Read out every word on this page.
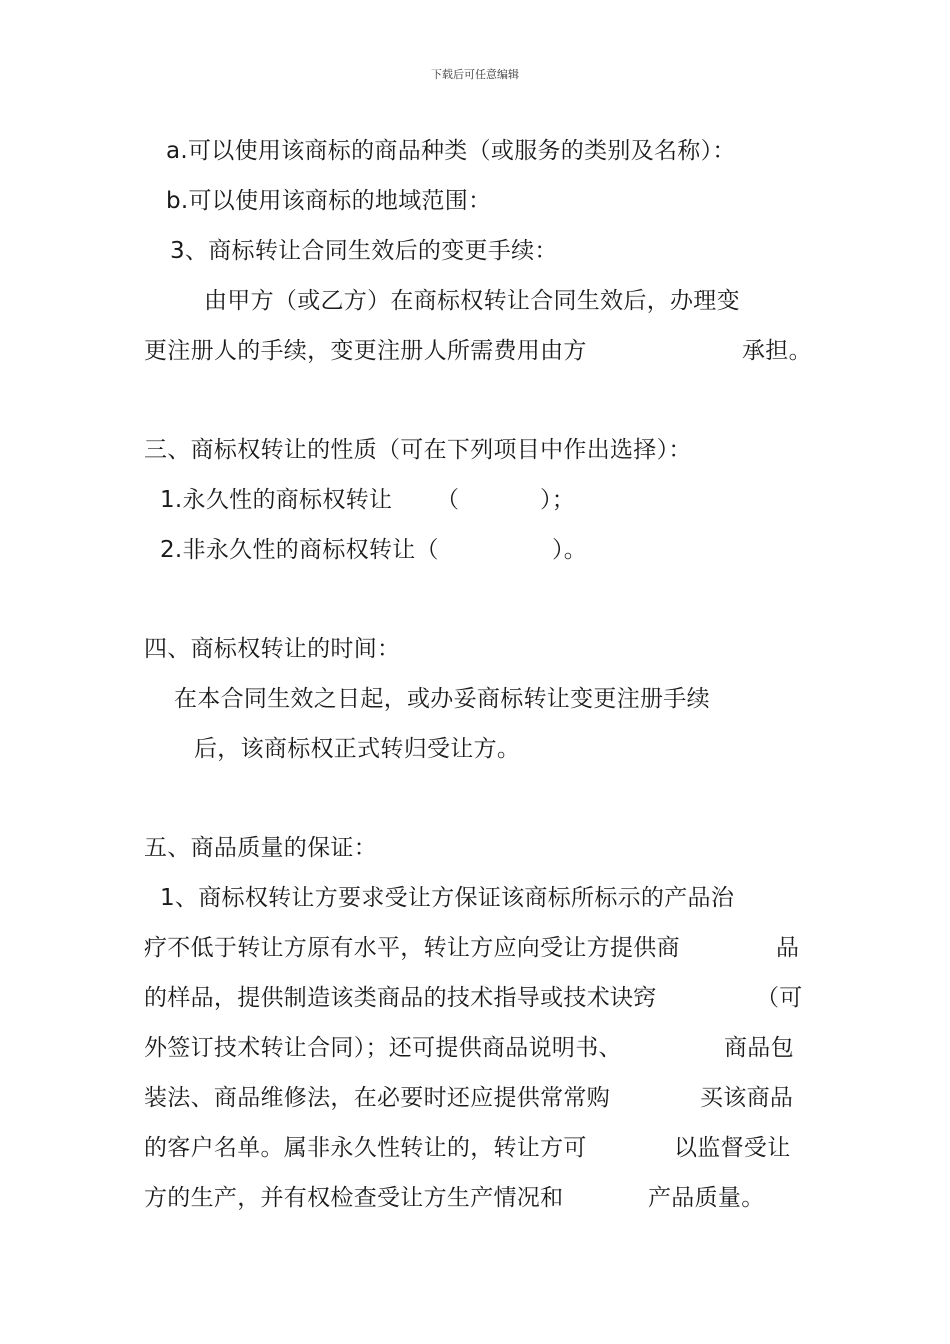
下载后可任意编辑
a.可以使用该商标的商品种类（或服务的类别及名称）：
b.可以使用该商标的地域范围：
3、商标转让合同生效后的变更手续：
由甲方（或乙方）在商标权转让合同生效后，办理变
更注册人的手续，变更注册人所需费用由方	承担。
三、商标权转让的性质（可在下列项目中作出选择）：
1.永久性的商标权转让 （	）；
2.非永久性的商标权转让（	）。
四、商标权转让的时间：
在本合同生效之日起，或办妥商标转让变更注册手续
后，该商标权正式转归受让方。
五、商品质量的保证：
1、商标权转让方要求受让方保证该商标所标示的产品治
疗不低于转让方原有水平，转让方应向受让方提供商	品
的样品，提供制造该类商品的技术指导或技术诀窍	（可
外签订技术转让合同）；还可提供商品说明书、	商品包
装法、商品维修法，在必要时还应提供常常购	买该商品
的客户名单。属非永久性转让的，转让方可	以监督受让
方的生产，并有权检查受让方生产情况和	产品质量。
